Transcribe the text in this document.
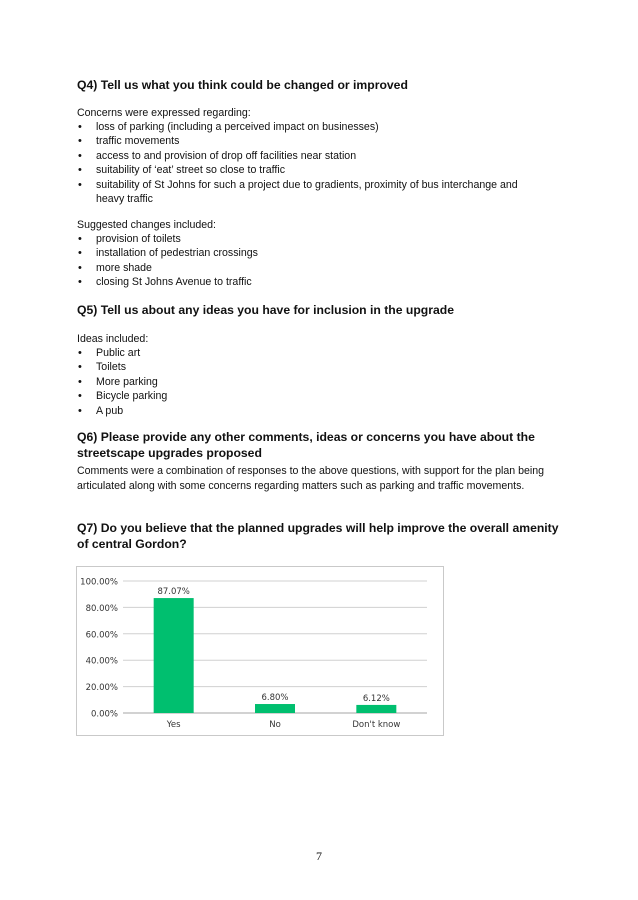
Q4) Tell us what you think could be changed or improved
Concerns were expressed regarding:
• loss of parking (including a perceived impact on businesses)
• traffic movements
• access to and provision of drop off facilities near station
• suitability of ‘eat’ street so close to traffic
• suitability of St Johns for such a project due to gradients, proximity of bus interchange and heavy traffic
Suggested changes included:
• provision of toilets
• installation of pedestrian crossings
• more shade
• closing St Johns Avenue to traffic
Q5) Tell us about any ideas you have for inclusion in the upgrade
Ideas included:
• Public art
• Toilets
• More parking
• Bicycle parking
• A pub
Q6) Please provide any other comments, ideas or concerns you have about the streetscape upgrades proposed
Comments were a combination of responses to the above questions, with support for the plan being articulated along with some concerns regarding matters such as parking and traffic movements.
Q7) Do you believe that the planned upgrades will help improve the overall amenity of central Gordon?
0.00%
20.00%
40.00%
60.00%
80.00%
100.00%
87.07%
Yes
6.80%
No
6.12%
Don't know
7
